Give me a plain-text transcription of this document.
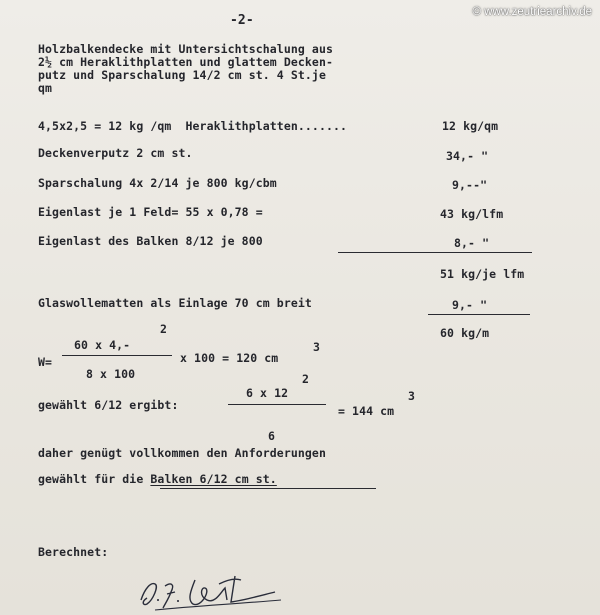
© www.zeutriearchiv.de
-2-
Holzbalkendecke mit Untersichtschalung aus
2½ cm Heraklithplatten und glattem Decken-
putz und Sparschalung 14/2 cm st. 4 St.je
qm
4,5x2,5 = 12 kg /qm  Heraklithplatten.......	12 kg/qm
Deckenverputz 2 cm st.	34,- "
Sparschalung 4x 2/14 je 800 kg/cbm	9,--"
Eigenlast je 1 Feld= 55 x 0,78 =	43 kg/lfm
Eigenlast des Balken 8/12 je 800	8,- "
51 kg/je lfm
Glaswollematten als Einlage 70 cm breit	9,- "
60 kg/m
2
W=
60 x 4,-
8 x 100
x 100 = 120 cm
3
2
gewählt 6/12 ergibt:
6 x 12
= 144 cm
3
6
daher genügt vollkommen den Anforderungen
gewählt für die Balken 6/12 cm st.
Berechnet:
